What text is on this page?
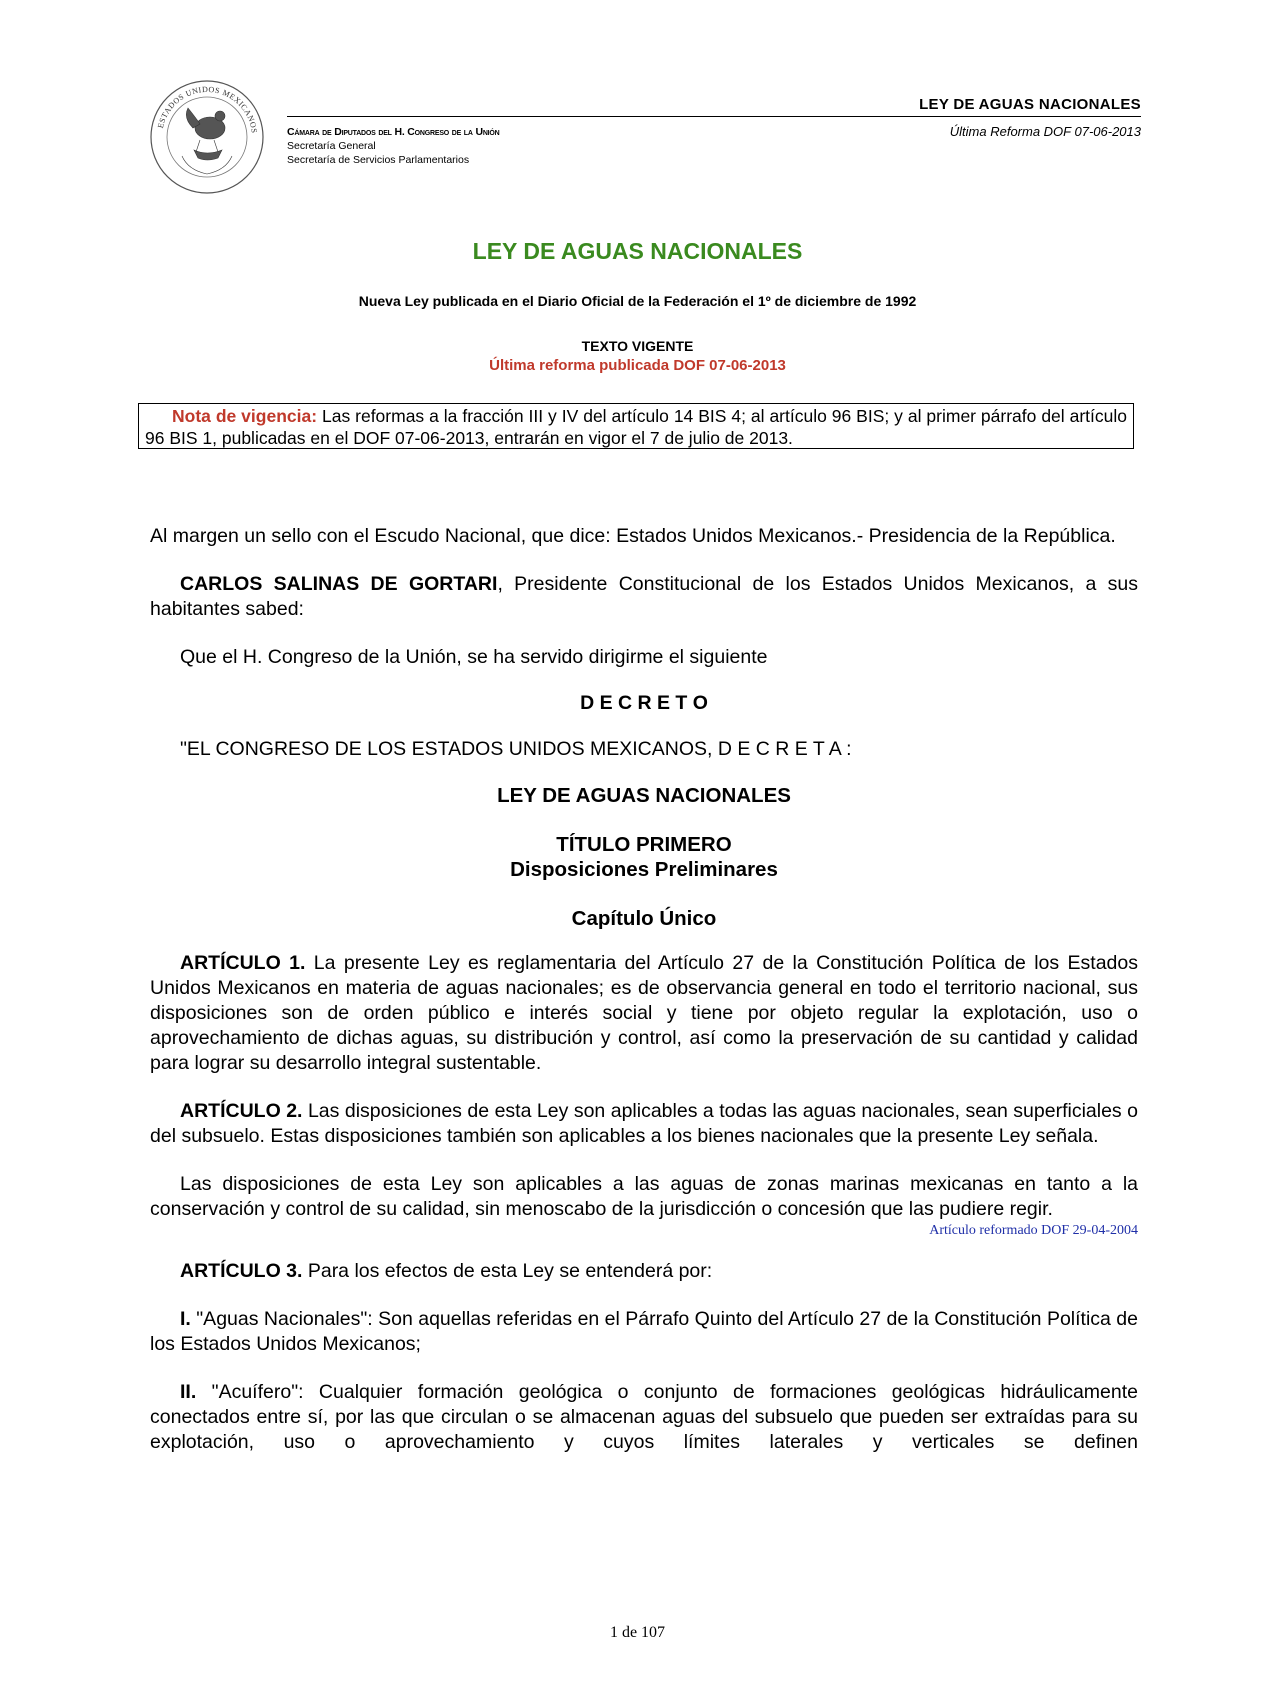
ESTADOS UNIDOS MEXICANOS	Cámara de Diputados del H. Congreso de la Unión
Secretaría General
Secretaría de Servicios Parlamentarios
LEY DE AGUAS NACIONALES
Última Reforma DOF 07-06-2013
LEY DE AGUAS NACIONALES
Nueva Ley publicada en el Diario Oficial de la Federación el 1º de diciembre de 1992
TEXTO VIGENTE
Última reforma publicada DOF 07-06-2013
Nota de vigencia: Las reformas a la fracción III y IV del artículo 14 BIS 4; al artículo 96 BIS; y al primer párrafo del artículo 96 BIS 1, publicadas en el DOF 07-06-2013, entrarán en vigor el 7 de julio de 2013.

Al margen un sello con el Escudo Nacional, que dice: Estados Unidos Mexicanos.- Presidencia de la República.

CARLOS SALINAS DE GORTARI, Presidente Constitucional de los Estados Unidos Mexicanos, a sus habitantes sabed:

Que el H. Congreso de la Unión, se ha servido dirigirme el siguiente

D E C R E T O

"EL CONGRESO DE LOS ESTADOS UNIDOS MEXICANOS, D E C R E T A :

LEY DE AGUAS NACIONALES

TÍTULO PRIMERO

Disposiciones Preliminares

Capítulo Único

ARTÍCULO 1. La presente Ley es reglamentaria del Artículo 27 de la Constitución Política de los Estados Unidos Mexicanos en materia de aguas nacionales; es de observancia general en todo el territorio nacional, sus disposiciones son de orden público e interés social y tiene por objeto regular la explotación, uso o aprovechamiento de dichas aguas, su distribución y control, así como la preservación de su cantidad y calidad para lograr su desarrollo integral sustentable.

ARTÍCULO 2. Las disposiciones de esta Ley son aplicables a todas las aguas nacionales, sean superficiales o del subsuelo. Estas disposiciones también son aplicables a los bienes nacionales que la presente Ley señala.

Las disposiciones de esta Ley son aplicables a las aguas de zonas marinas mexicanas en tanto a la conservación y control de su calidad, sin menoscabo de la jurisdicción o concesión que las pudiere regir.

Artículo reformado DOF 29-04-2004

ARTÍCULO 3. Para los efectos de esta Ley se entenderá por:

I. "Aguas Nacionales": Son aquellas referidas en el Párrafo Quinto del Artículo 27 de la Constitución Política de los Estados Unidos Mexicanos;

II. "Acuífero": Cualquier formación geológica o conjunto de formaciones geológicas hidráulicamente conectados entre sí, por las que circulan o se almacenan aguas del subsuelo que pueden ser extraídas para su explotación, uso o aprovechamiento y cuyos límites laterales y verticales se definen

1 de 107
